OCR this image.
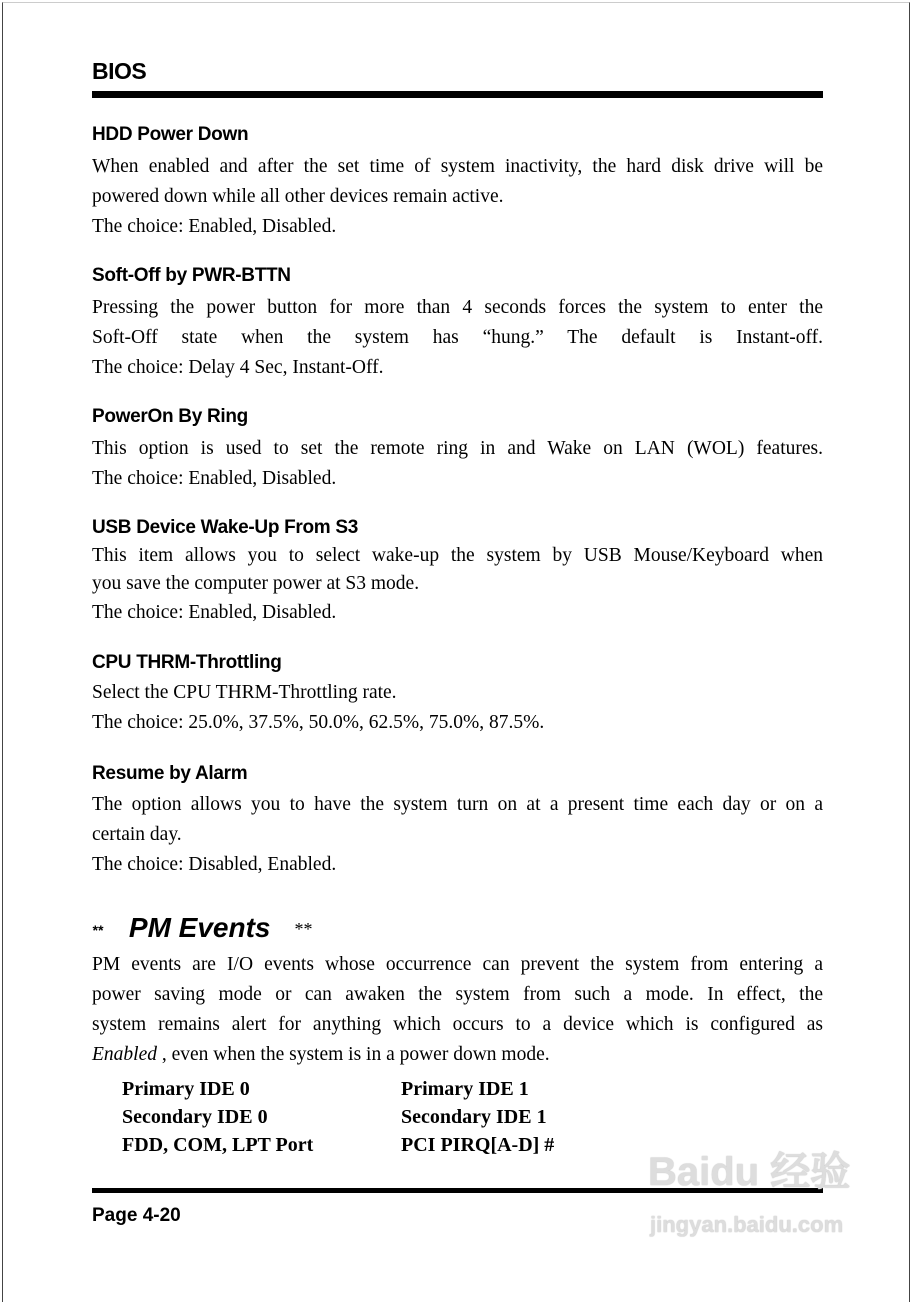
BIOS
HDD Power Down
When enabled and after the set time of system inactivity, the hard disk drive will be
powered down while all other devices remain active.
The choice: Enabled, Disabled.
Soft-Off by PWR-BTTN
Pressing the power button for more than 4 seconds forces the system to enter the
Soft-Off state when the system has “hung.” The default is Instant-off.
The choice: Delay 4 Sec, Instant-Off.
PowerOn By Ring
This option is used to set the remote ring in and Wake on LAN (WOL) features.
The choice: Enabled, Disabled.
USB Device Wake-Up From S3
This item allows you to select wake-up the system by USB Mouse/Keyboard when
you save the computer power at S3 mode.
The choice: Enabled, Disabled.
CPU THRM-Throttling
Select the CPU THRM-Throttling rate.
The choice: 25.0%, 37.5%, 50.0%, 62.5%, 75.0%, 87.5%.
Resume by Alarm
The option allows you to have the system turn on at a present time each day or on a
certain day.
The choice: Disabled, Enabled.
** PM Events **
PM events are I/O events whose occurrence can prevent the system from entering a
power saving mode or can awaken the system from such a mode. In effect, the
system remains alert for anything which occurs to a device which is configured as
Enabled , even when the system is in a power down mode.
Primary IDE 0
Secondary IDE 0
FDD, COM, LPT Port
Primary IDE 1
Secondary IDE 1
PCI PIRQ[A-D] #
Page 4-20
Baidu 经验
jingyan.baidu.com
